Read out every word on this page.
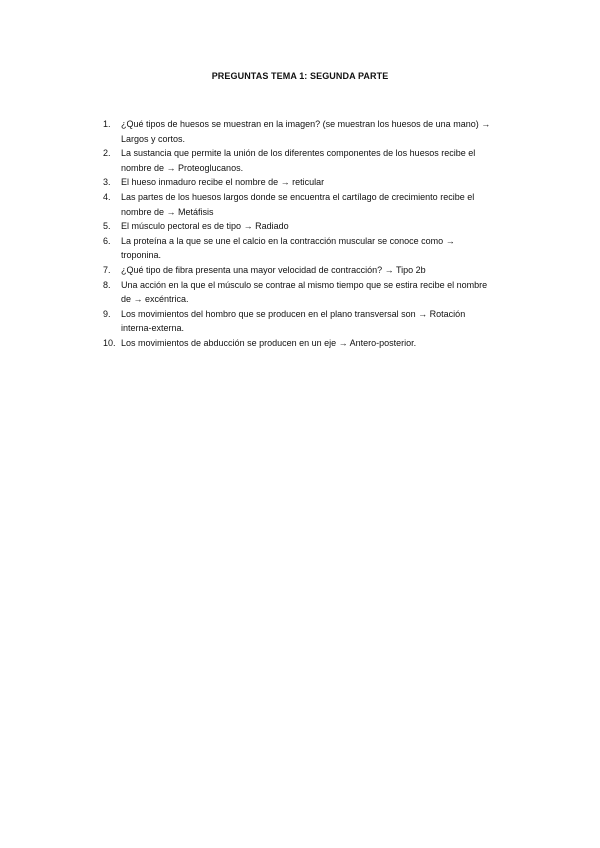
PREGUNTAS TEMA 1: SEGUNDA PARTE
1.	¿Qué tipos de huesos se muestran en la imagen? (se muestran los huesos de una mano) → Largos y cortos.
2.	La sustancia que permite la unión de los diferentes componentes de los huesos recibe el nombre de → Proteoglucanos.
3.	El hueso inmaduro recibe el nombre de → reticular
4.	Las partes de los huesos largos donde se encuentra el cartílago de crecimiento recibe el nombre de → Metáfisis
5.	El músculo pectoral es de tipo → Radiado
6.	La proteína a la que se une el calcio en la contracción muscular se conoce como → troponina.
7.	¿Qué tipo de fibra presenta una mayor velocidad de contracción? → Tipo 2b
8.	Una acción en la que el músculo se contrae al mismo tiempo que se estira recibe el nombre de → excéntrica.
9.	Los movimientos del hombro que se producen en el plano transversal son → Rotación interna-externa.
10. Los movimientos de abducción se producen en un eje → Antero-posterior.
